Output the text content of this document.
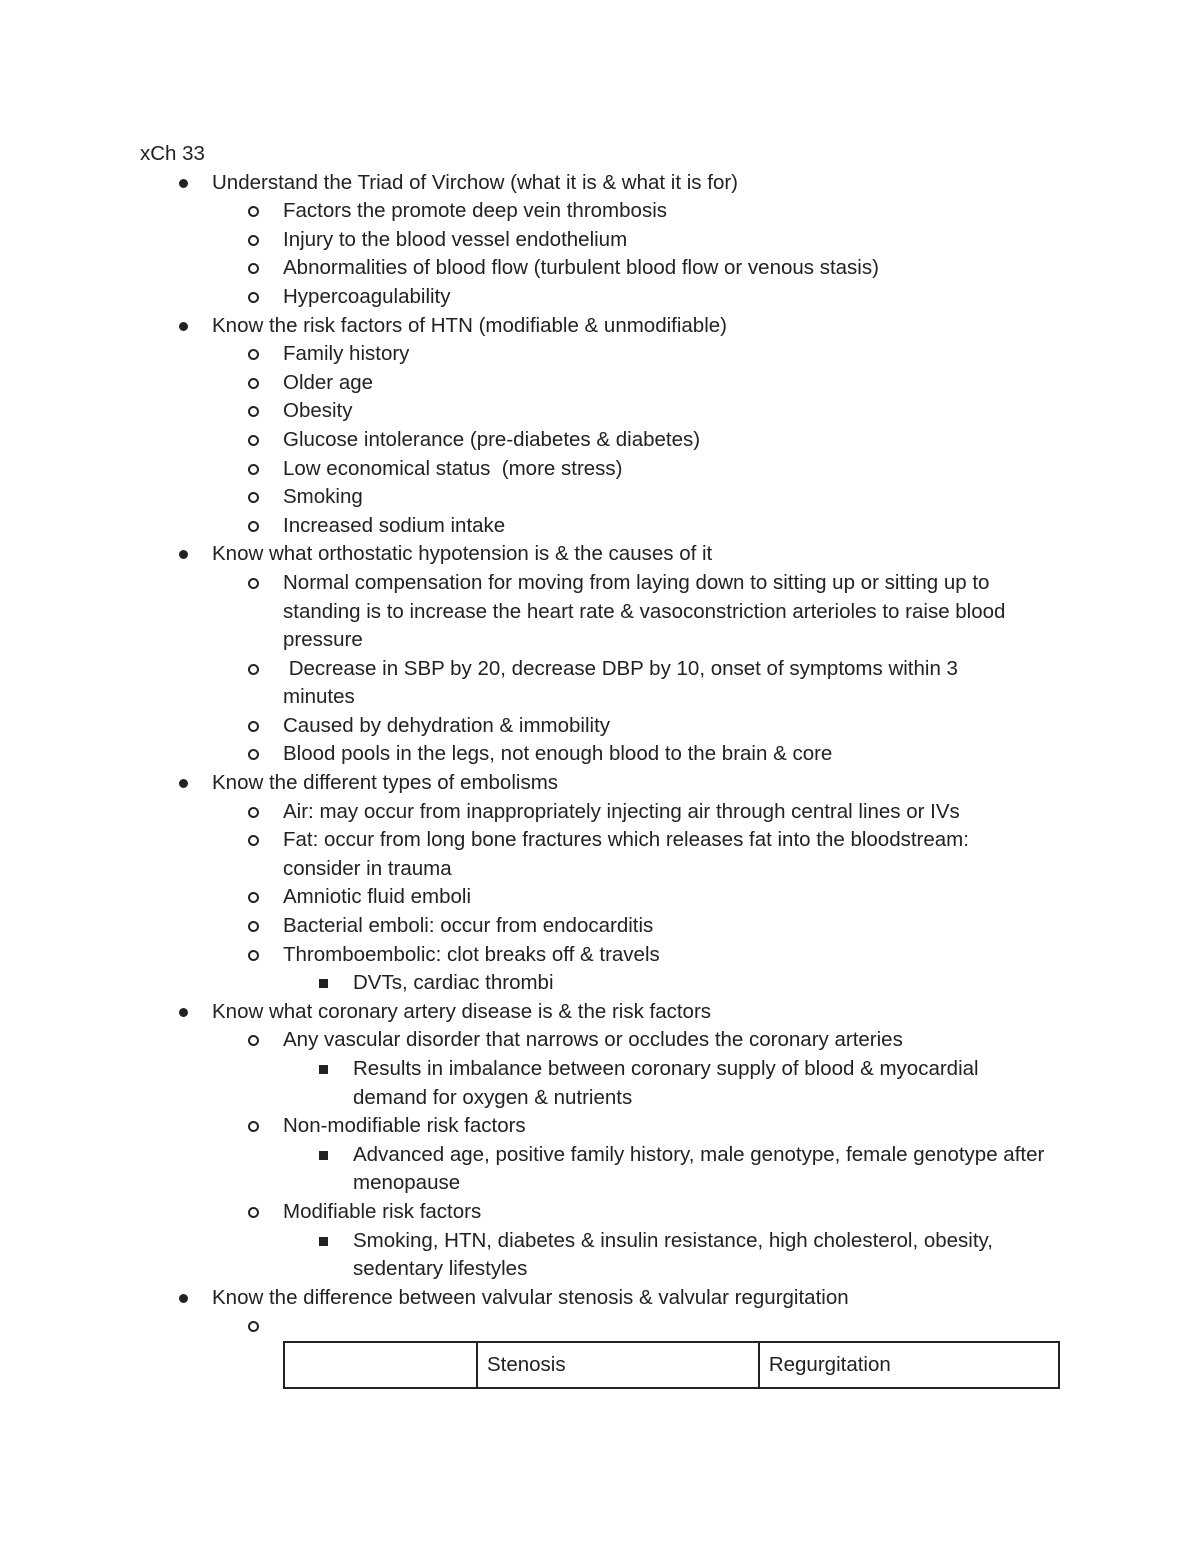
xCh 33
Understand the Triad of Virchow (what it is & what it is for)
Factors the promote deep vein thrombosis
Injury to the blood vessel endothelium
Abnormalities of blood flow (turbulent blood flow or venous stasis)
Hypercoagulability
Know the risk factors of HTN (modifiable & unmodifiable)
Family history
Older age
Obesity
Glucose intolerance (pre-diabetes & diabetes)
Low economical status  (more stress)
Smoking
Increased sodium intake
Know what orthostatic hypotension is & the causes of it
Normal compensation for moving from laying down to sitting up or sitting up to standing is to increase the heart rate & vasoconstriction arterioles to raise blood pressure
Decrease in SBP by 20, decrease DBP by 10, onset of symptoms within 3 minutes
Caused by dehydration & immobility
Blood pools in the legs, not enough blood to the brain & core
Know the different types of embolisms
Air: may occur from inappropriately injecting air through central lines or IVs
Fat: occur from long bone fractures which releases fat into the bloodstream: consider in trauma
Amniotic fluid emboli
Bacterial emboli: occur from endocarditis
Thromboembolic: clot breaks off & travels
DVTs, cardiac thrombi
Know what coronary artery disease is & the risk factors
Any vascular disorder that narrows or occludes the coronary arteries
Results in imbalance between coronary supply of blood & myocardial demand for oxygen & nutrients
Non-modifiable risk factors
Advanced age, positive family history, male genotype, female genotype after menopause
Modifiable risk factors
Smoking, HTN, diabetes & insulin resistance, high cholesterol, obesity, sedentary lifestyles
Know the difference between valvular stenosis & valvular regurgitation
	Stenosis	Regurgitation
